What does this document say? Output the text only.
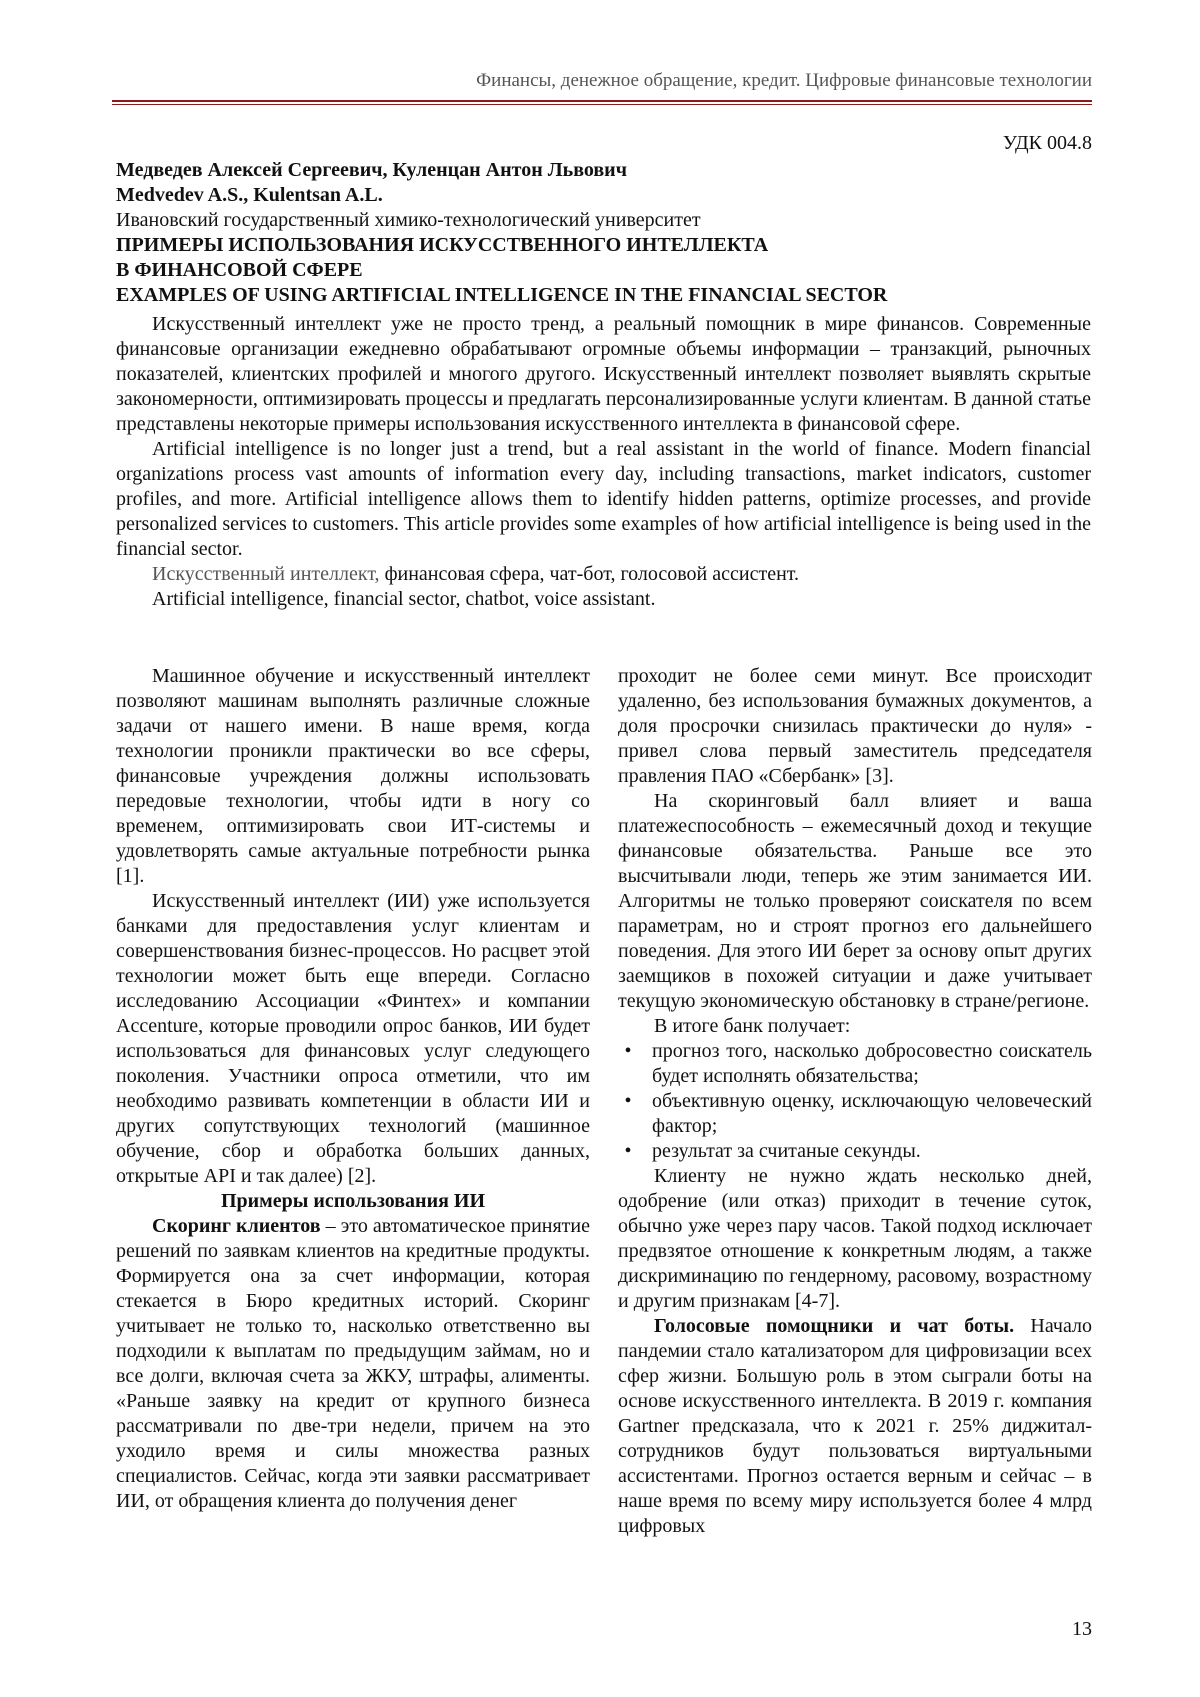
Финансы, денежное обращение, кредит. Цифровые финансовые технологии
УДК 004.8
Медведев Алексей Сергеевич, Куленцан Антон Львович
Medvedev A.S., Kulentsan A.L.
Ивановский государственный химико-технологический университет
ПРИМЕРЫ ИСПОЛЬЗОВАНИЯ ИСКУССТВЕННОГО ИНТЕЛЛЕКТА
В ФИНАНСОВОЙ СФЕРЕ
EXAMPLES OF USING ARTIFICIAL INTELLIGENCE IN THE FINANCIAL SECTOR

Искусственный интеллект уже не просто тренд, а реальный помощник в мире финансов. Современные финансовые организации ежедневно обрабатывают огромные объемы информации – транзакций, рыночных показателей, клиентских профилей и многого другого. Искусственный интеллект позволяет выявлять скрытые закономерности, оптимизировать процессы и предлагать персонализированные услуги клиентам. В данной статье представлены некоторые примеры использования искусственного интеллекта в финансовой сфере.

Artificial intelligence is no longer just a trend, but a real assistant in the world of finance. Modern financial organizations process vast amounts of information every day, including transactions, market indicators, customer profiles, and more. Artificial intelligence allows them to identify hidden patterns, optimize processes, and provide personalized services to customers. This article provides some examples of how artificial intelligence is being used in the financial sector.

Искусственный интеллект, финансовая сфера, чат-бот, голосовой ассистент.

Artificial intelligence, financial sector, chatbot, voice assistant.

Машинное обучение и искусственный интеллект позволяют машинам выполнять различные сложные задачи от нашего имени. В наше время, когда технологии проникли практически во все сферы, финансовые учреждения должны использовать передовые технологии, чтобы идти в ногу со временем, оптимизировать свои ИТ-системы и удовлетворять самые актуальные потребности рынка [1].

Искусственный интеллект (ИИ) уже используется банками для предоставления услуг клиентам и совершенствования бизнес-процессов. Но расцвет этой технологии может быть еще впереди. Согласно исследованию Ассоциации «Финтех» и компании Accenture, которые проводили опрос банков, ИИ будет использоваться для финансовых услуг следующего поколения. Участники опроса отметили, что им необходимо развивать компетенции в области ИИ и других сопутствующих технологий (машинное обучение, сбор и обработка больших данных, открытые API и так далее) [2].

Примеры использования ИИ

Скоринг клиентов – это автоматическое принятие решений по заявкам клиентов на кредитные продукты. Формируется она за счет информации, которая стекается в Бюро кредитных историй. Скоринг учитывает не только то, насколько ответственно вы подходили к выплатам по предыдущим займам, но и все долги, включая счета за ЖКУ, штрафы, алименты. «Раньше заявку на кредит от крупного бизнеса рассматривали по две-три недели, причем на это уходило время и силы множества разных специалистов. Сейчас, когда эти заявки рассматривает ИИ, от обращения клиента до получения денег

проходит не более семи минут. Все происходит удаленно, без использования бумажных документов, а доля просрочки снизилась практически до нуля» - привел слова первый заместитель председателя правления ПАО «Сбербанк» [3].

На скоринговый балл влияет и ваша платежеспособность – ежемесячный доход и текущие финансовые обязательства. Раньше все это высчитывали люди, теперь же этим занимается ИИ. Алгоритмы не только проверяют соискателя по всем параметрам, но и строят прогноз его дальнейшего поведения. Для этого ИИ берет за основу опыт других заемщиков в похожей ситуации и даже учитывает текущую экономическую обстановку в стране/регионе.

В итоге банк получает:

•	прогноз того, насколько добросовестно соискатель будет исполнять обязательства;
•	объективную оценку, исключающую человеческий фактор;
•	результат за считаные секунды.

Клиенту не нужно ждать несколько дней, одобрение (или отказ) приходит в течение суток, обычно уже через пару часов. Такой подход исключает предвзятое отношение к конкретным людям, а также дискриминацию по гендерному, расовому, возрастному и другим признакам [4-7].

Голосовые помощники и чат боты. Начало пандемии стало катализатором для цифровизации всех сфер жизни. Большую роль в этом сыграли боты на основе искусственного интеллекта. В 2019 г. компания Gartner предсказала, что к 2021 г. 25% диджитал-сотрудников будут пользоваться виртуальными ассистентами. Прогноз остается верным и сейчас – в наше время по всему миру используется более 4 млрд цифровых

13
